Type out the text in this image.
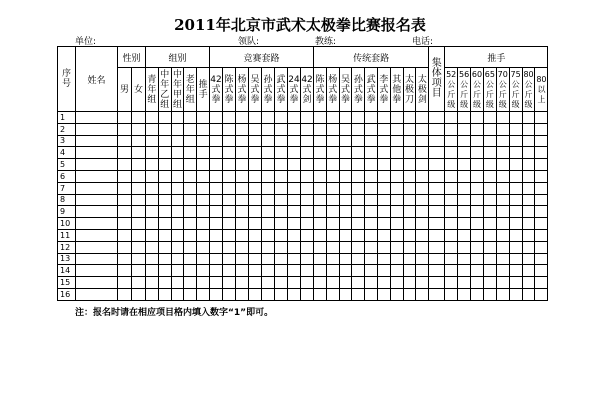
2011年北京市武术太极拳比赛报名表
单位:	领队:	教练:	电话:
序号	姓名	性别		组别					竞赛套路								传统套路									集体项目	推手							
		男	女	青年组	中年乙组	中年甲组	老年组	推手	42式拳	陈式拳	杨式拳	吴式拳	孙式拳	武式拳	24式拳	42式剑	陈式拳	杨式拳	吴式拳	孙式拳	武式拳	李式拳	其他拳	太极刀	太极剑		52公斤级	56公斤级	60公斤级	65公斤级	70公斤级	75公斤级	80公斤级	80以上
1																																		
2																																		
3																																		
4																																		
5																																		
6																																		
7																																		
8																																		
9																																		
10																																		
11																																		
12																																		
13																																		
14																																		
15																																		
16																																		
注：报名时请在相应项目格内填入数字“1”即可。
